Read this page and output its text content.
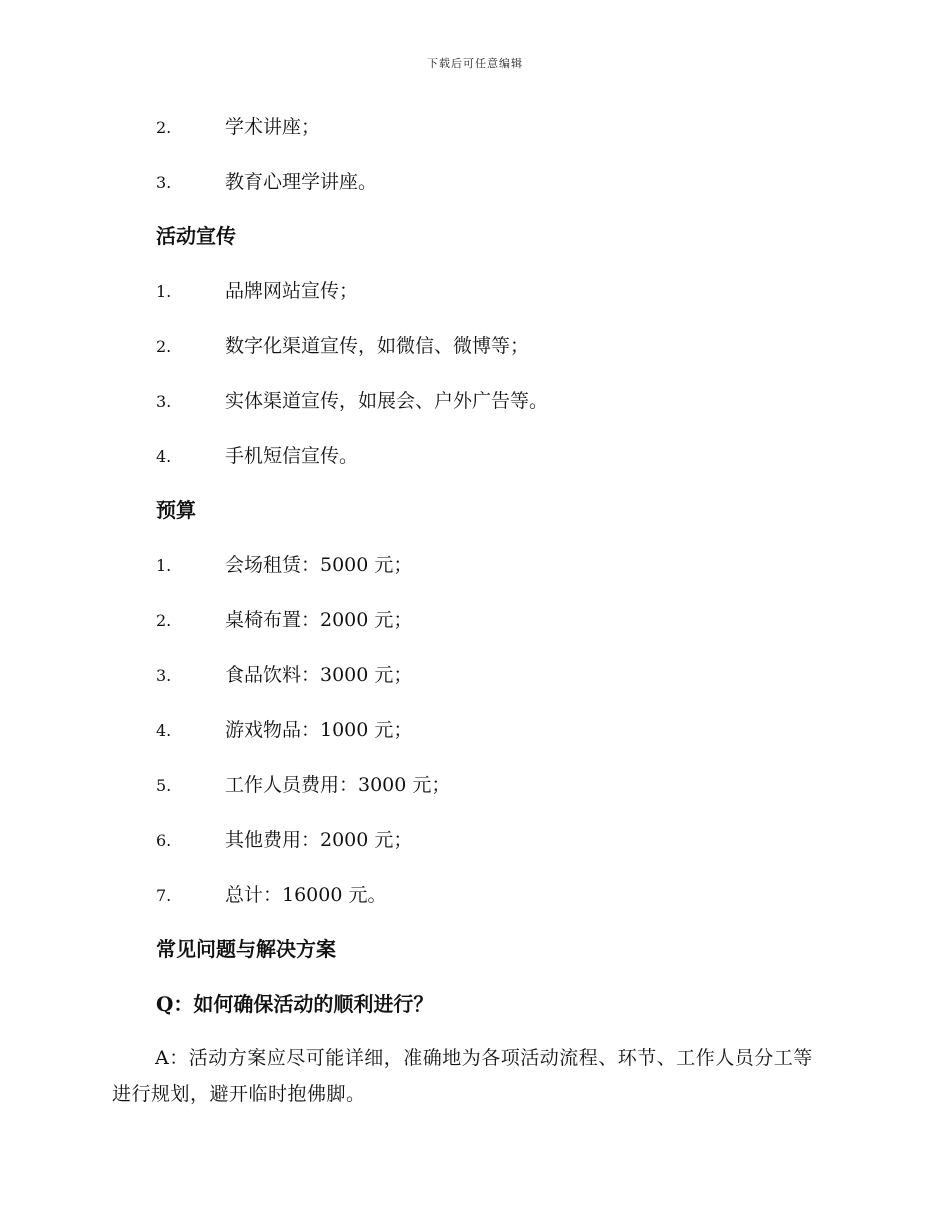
下载后可任意编辑
2.	学术讲座；
3.	教育心理学讲座。
活动宣传
1.	品牌网站宣传；
2.	数字化渠道宣传，如微信、微博等；
3.	实体渠道宣传，如展会、户外广告等。
4.	手机短信宣传。
预算
1.	会场租赁：5000 元；
2.	桌椅布置：2000 元；
3.	食品饮料：3000 元；
4.	游戏物品：1000 元；
5.	工作人员费用：3000 元；
6.	其他费用：2000 元；
7.	总计：16000 元。
常见问题与解决方案
Q：如何确保活动的顺利进行？
A：活动方案应尽可能详细，准确地为各项活动流程、环节、工作人员分工等进行规划，避开临时抱佛脚。
